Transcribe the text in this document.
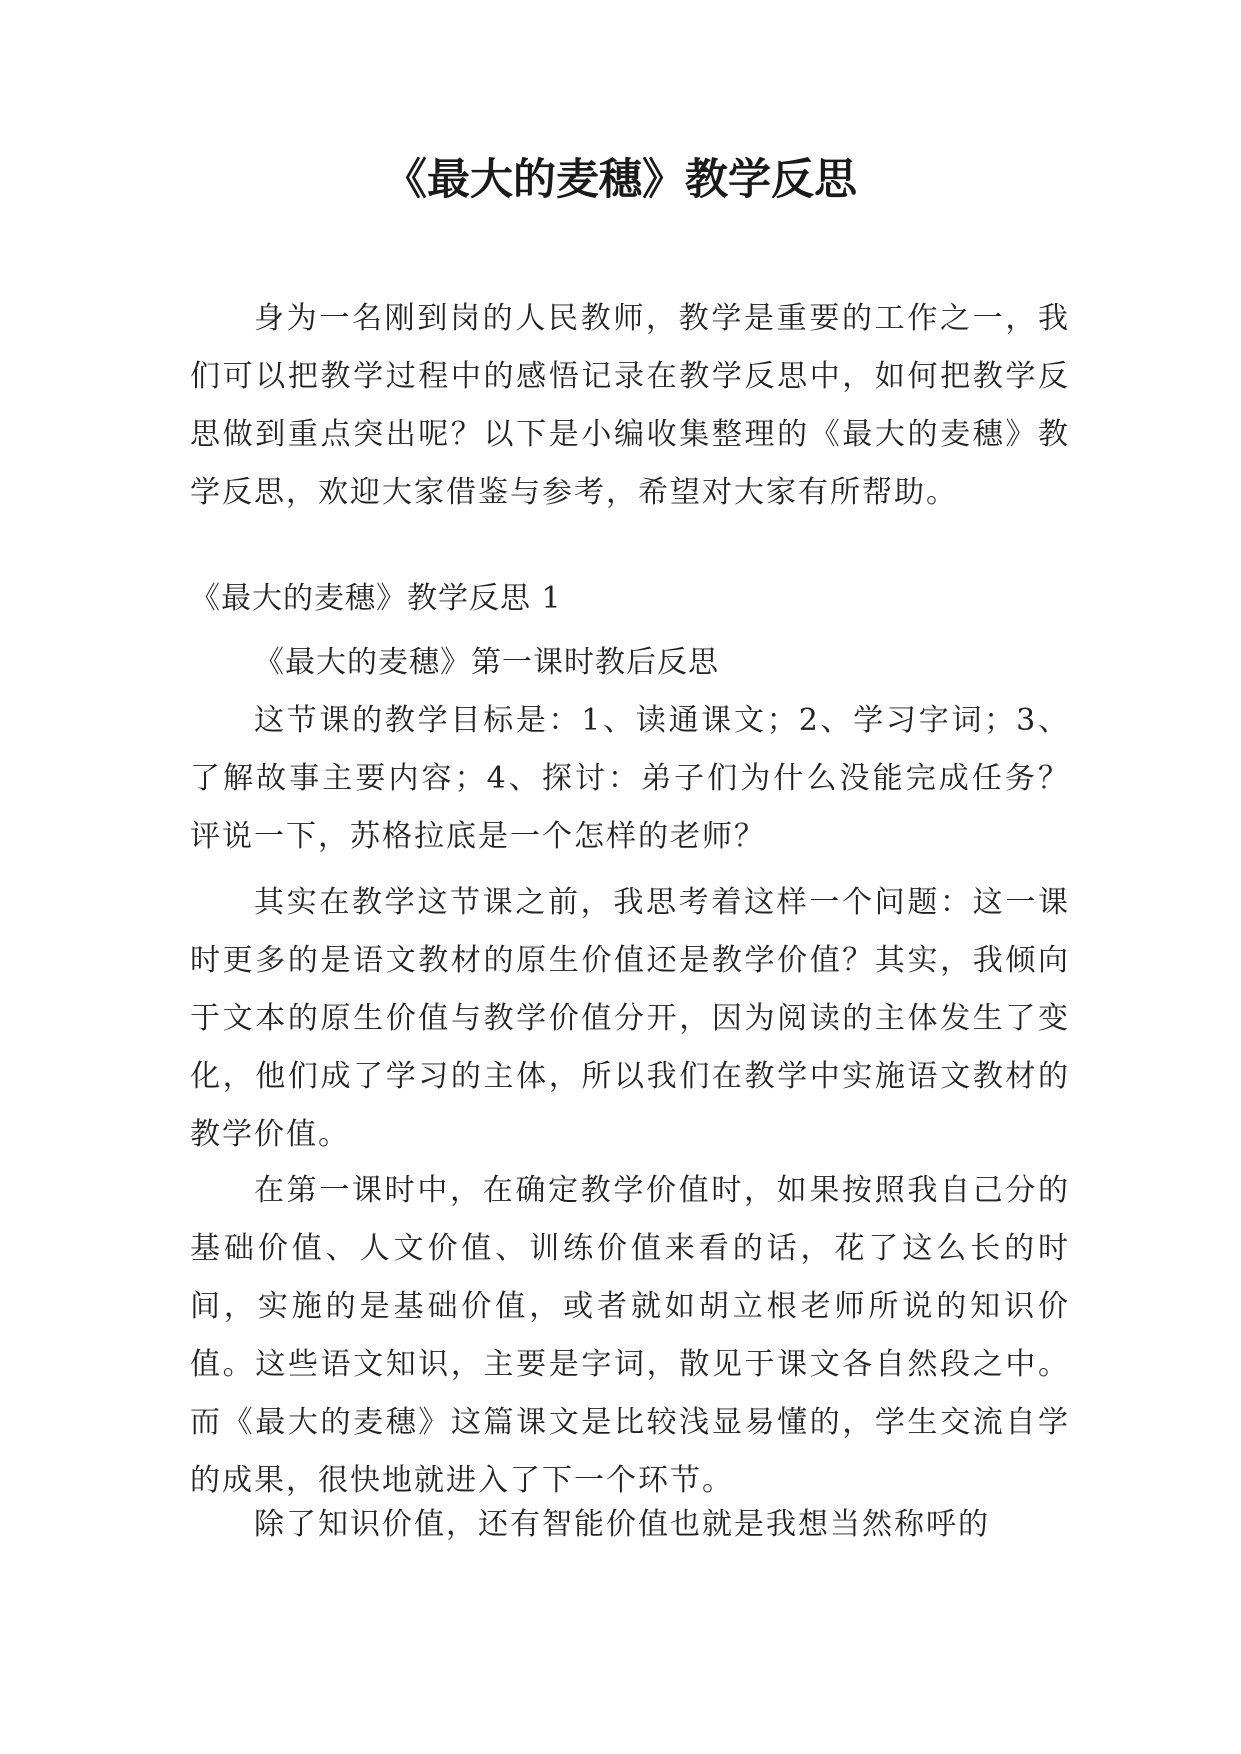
《最大的麦穗》教学反思

身为一名刚到岗的人民教师，教学是重要的工作之一，我们可以把教学过程中的感悟记录在教学反思中，如何把教学反思做到重点突出呢？以下是小编收集整理的《最大的麦穗》教学反思，欢迎大家借鉴与参考，希望对大家有所帮助。

《最大的麦穗》教学反思 1

《最大的麦穗》第一课时教后反思

这节课的教学目标是：1、读通课文；2、学习字词；3、了解故事主要内容；4、探讨：弟子们为什么没能完成任务？评说一下，苏格拉底是一个怎样的老师？

其实在教学这节课之前，我思考着这样一个问题：这一课时更多的是语文教材的原生价值还是教学价值？其实，我倾向于文本的原生价值与教学价值分开，因为阅读的主体发生了变化，他们成了学习的主体，所以我们在教学中实施语文教材的教学价值。

在第一课时中，在确定教学价值时，如果按照我自己分的基础价值、人文价值、训练价值来看的话，花了这么长的时间，实施的是基础价值，或者就如胡立根老师所说的知识价值。这些语文知识，主要是字词，散见于课文各自然段之中。而《最大的麦穗》这篇课文是比较浅显易懂的，学生交流自学的成果，很快地就进入了下一个环节。

除了知识价值，还有智能价值也就是我想当然称呼的
